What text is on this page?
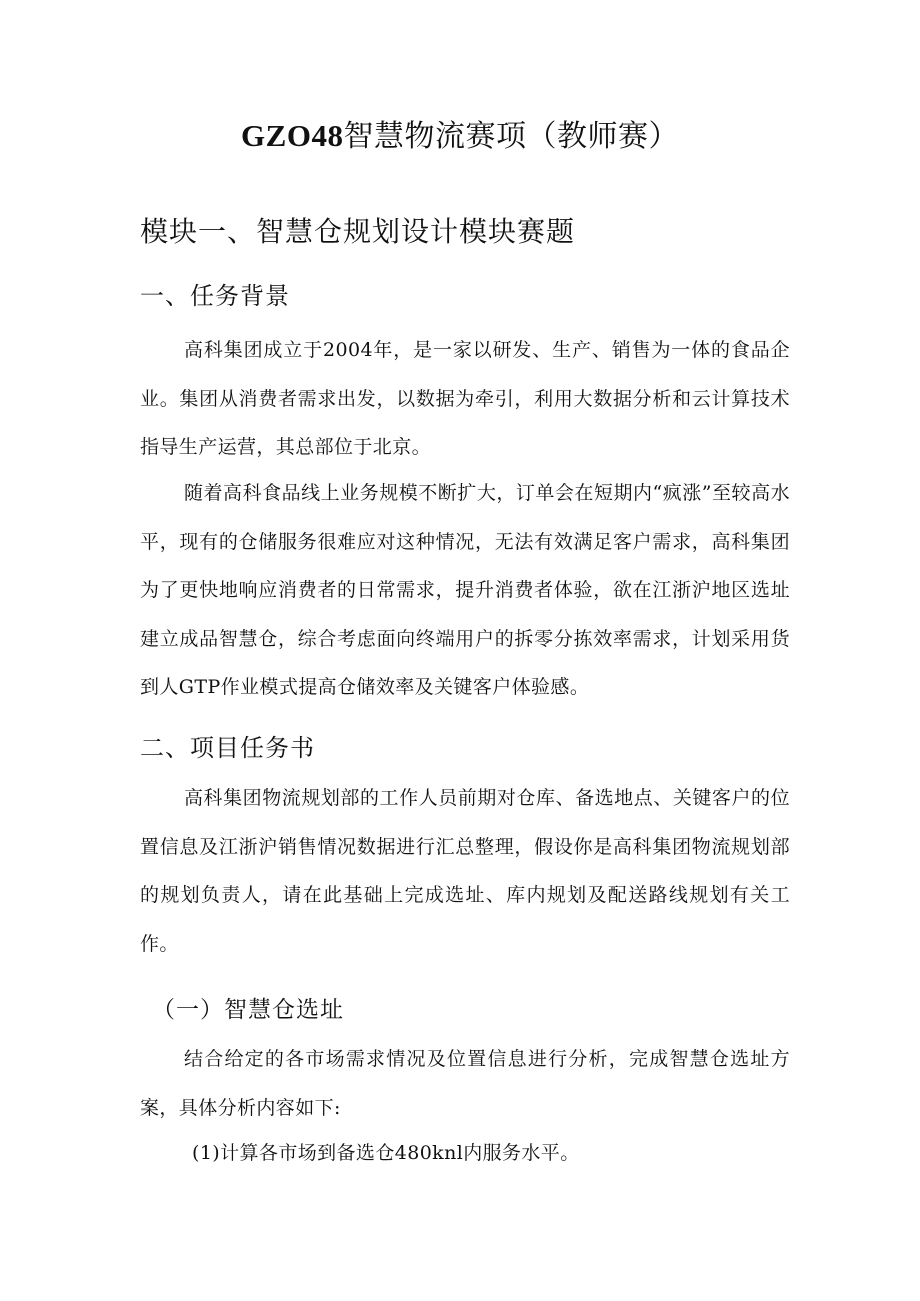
GZO48智慧物流赛项（教师赛）
模块一、智慧仓规划设计模块赛题
一、任务背景

高科集团成立于2004年，是一家以研发、生产、销售为一体的食品企业。集团从消费者需求出发，以数据为牵引，利用大数据分析和云计算技术指导生产运营，其总部位于北京。

随着高科食品线上业务规模不断扩大，订单会在短期内“疯涨”至较高水平，现有的仓储服务很难应对这种情况，无法有效满足客户需求，高科集团为了更快地响应消费者的日常需求，提升消费者体验，欲在江浙沪地区选址建立成品智慧仓，综合考虑面向终端用户的拆零分拣效率需求，计划采用货到人GTP作业模式提高仓储效率及关键客户体验感。

二、项目任务书

高科集团物流规划部的工作人员前期对仓库、备选地点、关键客户的位置信息及江浙沪销售情况数据进行汇总整理，假设你是高科集团物流规划部的规划负责人，请在此基础上完成选址、库内规划及配送路线规划有关工作。

（一）智慧仓选址

结合给定的各市场需求情况及位置信息进行分析，完成智慧仓选址方案，具体分析内容如下:

(1)计算各市场到备选仓480knl内服务水平。
